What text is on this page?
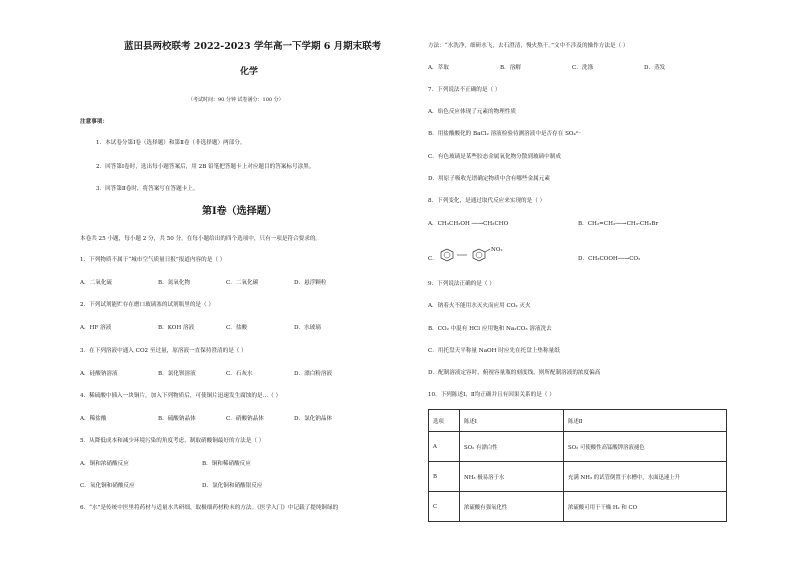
蓝田县两校联考 2022-2023 学年高一下学期 6 月期末联考
化学
（考试时间：90 分钟 试卷满分：100 分）
注意事项：
1．本试卷分第Ⅰ卷（选择题）和第Ⅱ卷（非选择题）两部分。
2．回答第Ⅰ卷时，选出每小题答案后，用 2B 铅笔把答题卡上对应题目的答案标号涂黑。
3．回答第Ⅱ卷时，将答案写在答题卡上。
第Ⅰ卷（选择题）
本卷共 25 小题，每小题 2 分，共 50 分。在每小题给出的四个选项中，只有一项是符合要求的。
1．下列物质不属于“城市空气质量日报”报道内容的是（ ）
A．二氧化硫	B．氮氧化物	C．二氧化碳	D．悬浮颗粒
2．下列试剂能贮存在磨口玻璃塞的试剂瓶里的是（ ）
A．HF 溶液	B．KOH 溶液	C．盐酸	D．水玻璃
3．在下列溶液中通入 CO2 至过量，原溶液一直保持澄清的是（ ）
A．硅酸钠溶液	B．氯化钡溶液	C．石灰水	D．漂白粉溶液
4．稀硫酸中插入一块铜片，加入下列物质后，可使铜片迅速发生腐蚀的是…（ ）
A．稀盐酸	B．硫酸钠晶体	C．硝酸钠晶体	D．氯化钠晶体
5．从降低成本和减少环境污染的角度考虑，制取硝酸铜最好的方法是（ ）
A．铜和浓硝酸反应	B．铜和稀硝酸反应
C．氧化铜和硝酸反应	D．氯化铜和硝酸银反应
6．“水”是传统中医里将药材与适量水共研细，取极细药材粉末的方法。《医学入门》中记载了提纯铜绿的
方法：“水洗净，细研水飞，去石澄清，慢火熬干。”文中不涉及的操作方法是（ ）
A．萃取	B．溶解	C．洗涤	D．蒸发
7．下列说法不正确的是（ ）
A．焰色反应体现了元素的物理性质
B．用盐酸酸化的 BaCl₂ 溶液检验待测溶液中是否存在 SO₄²⁻
C．有色玻璃是某些胶态金属氧化物分散到玻璃中制成
D．用原子吸收光谱确定物质中含有哪些金属元素
8．下列变化，是通过取代反应来实现的是（ ）
A．CH₃CH₂OH ──→CH₃CHO	B．CH₂=CH₂──→CH₃-CH₂Br
C．	D．CH₃COOH──→CO₂
NO₂
9．下列说法正确的是（ ）
A．钠着火不能用水灭火而应用 CO₂ 灭火
B．CO₂ 中混有 HCl 应用饱和 Na₂CO₃ 溶液洗去
C．用托盘天平称量 NaOH 时应先在托盘上垫称量纸
D．配制溶液定容时，俯视容量瓶的刻度线，则所配制溶液的浓度偏高
10．下列陈述Ⅰ、Ⅱ均正确并且有因果关系的是（ ）
选项	陈述Ⅰ	陈述Ⅱ
A	SO₂ 有漂白性	SO₂ 可使酸性高锰酸钾溶液褪色
B	NH₃ 极易溶于水	充满 NH₃ 的试管倒置于水槽中，水面迅速上升
C	浓硫酸有强氧化性	浓硫酸可用于干燥 H₂ 和 CO
